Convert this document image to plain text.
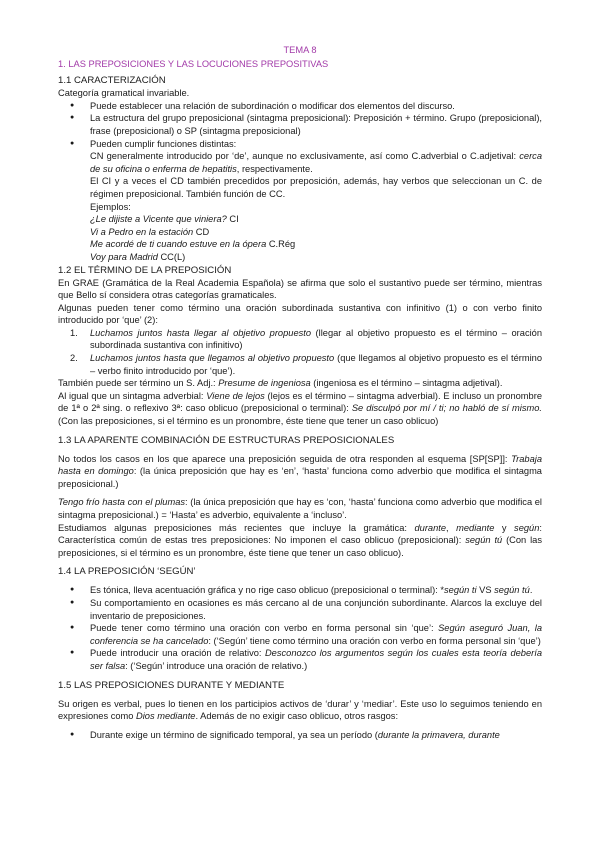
TEMA 8

1. LAS PREPOSICIONES Y LAS LOCUCIONES PREPOSITIVAS

1.1 CARACTERIZACIÓN

Categoría gramatical invariable.

● Puede establecer una relación de subordinación o modificar dos elementos del discurso.
● La estructura del grupo preposicional (sintagma preposicional): Preposición + término. Grupo (preposicional), frase (preposicional) o SP (sintagma preposicional)
● Pueden cumplir funciones distintas:

CN generalmente introducido por ‘de’, aunque no exclusivamente, así como C.adverbial o C.adjetival: cerca de su oficina o enferma de hepatitis, respectivamente.

El CI y a veces el CD también precedidos por preposición, además, hay verbos que seleccionan un C. de régimen preposicional. También función de CC.

Ejemplos:

¿Le dijiste a Vicente que viniera? CI

Vi a Pedro en la estación CD

Me acordé de ti cuando estuve en la ópera C.Rég

Voy para Madrid CC(L)

1.2 EL TÉRMINO DE LA PREPOSICIÓN

En GRAE (Gramática de la Real Academia Española) se afirma que solo el sustantivo puede ser término, mientras que Bello sí considera otras categorías gramaticales.

Algunas pueden tener como término una oración subordinada sustantiva con infinitivo (1) o con verbo finito introducido por ‘que’ (2):

1. Luchamos juntos hasta llegar al objetivo propuesto (llegar al objetivo propuesto es el término – oración subordinada sustantiva con infinitivo)
2. Luchamos juntos hasta que llegamos al objetivo propuesto (que llegamos al objetivo propuesto es el término – verbo finito introducido por ‘que’).

También puede ser término un S. Adj.: Presume de ingeniosa (ingeniosa es el término – sintagma adjetival).

Al igual que un sintagma adverbial: Viene de lejos (lejos es el término – sintagma adverbial). E incluso un pronombre de 1ª o 2ª sing. o reflexivo 3ª: caso oblicuo (preposicional o terminal): Se disculpó por mí / ti; no habló de sí mismo. (Con las preposiciones, si el término es un pronombre, éste tiene que tener un caso oblicuo)

1.3 LA APARENTE COMBINACIÓN DE ESTRUCTURAS PREPOSICIONALES

No todos los casos en los que aparece una preposición seguida de otra responden al esquema [SP[SP]]: Trabaja hasta en domingo: (la única preposición que hay es ‘en’, ‘hasta’ funciona como adverbio que modifica el sintagma preposicional.)

Tengo frío hasta con el plumas: (la única preposición que hay es ‘con, ‘hasta’ funciona como adverbio que modifica el sintagma preposicional.) = ‘Hasta’ es adverbio, equivalente a ‘incluso’.

Estudiamos algunas preposiciones más recientes que incluye la gramática: durante, mediante y según: Característica común de estas tres preposiciones: No imponen el caso oblicuo (preposicional): según tú (Con las preposiciones, si el término es un pronombre, éste tiene que tener un caso oblicuo).

1.4 LA PREPOSICIÓN ‘SEGÚN’
● Es tónica, lleva acentuación gráfica y no rige caso oblicuo (preposicional o terminal): *según ti VS según tú.
● Su comportamiento en ocasiones es más cercano al de una conjunción subordinante. Alarcos la excluye del inventario de preposiciones.
● Puede tener como término una oración con verbo en forma personal sin ‘que’: Según aseguró Juan, la conferencia se ha cancelado: (‘Según’ tiene como término una oración con verbo en forma personal sin ‘que’)
● Puede introducir una oración de relativo: Desconozco los argumentos según los cuales esta teoría debería ser falsa: (‘Según’ introduce una oración de relativo.)
1.5 LAS PREPOSICIONES DURANTE Y MEDIANTE

Su origen es verbal, pues lo tienen en los participios activos de ‘durar’ y ‘mediar’. Este uso lo seguimos teniendo en expresiones como Dios mediante. Además de no exigir caso oblicuo, otros rasgos:

● Durante exige un término de significado temporal, ya sea un período (durante la primavera, durante
